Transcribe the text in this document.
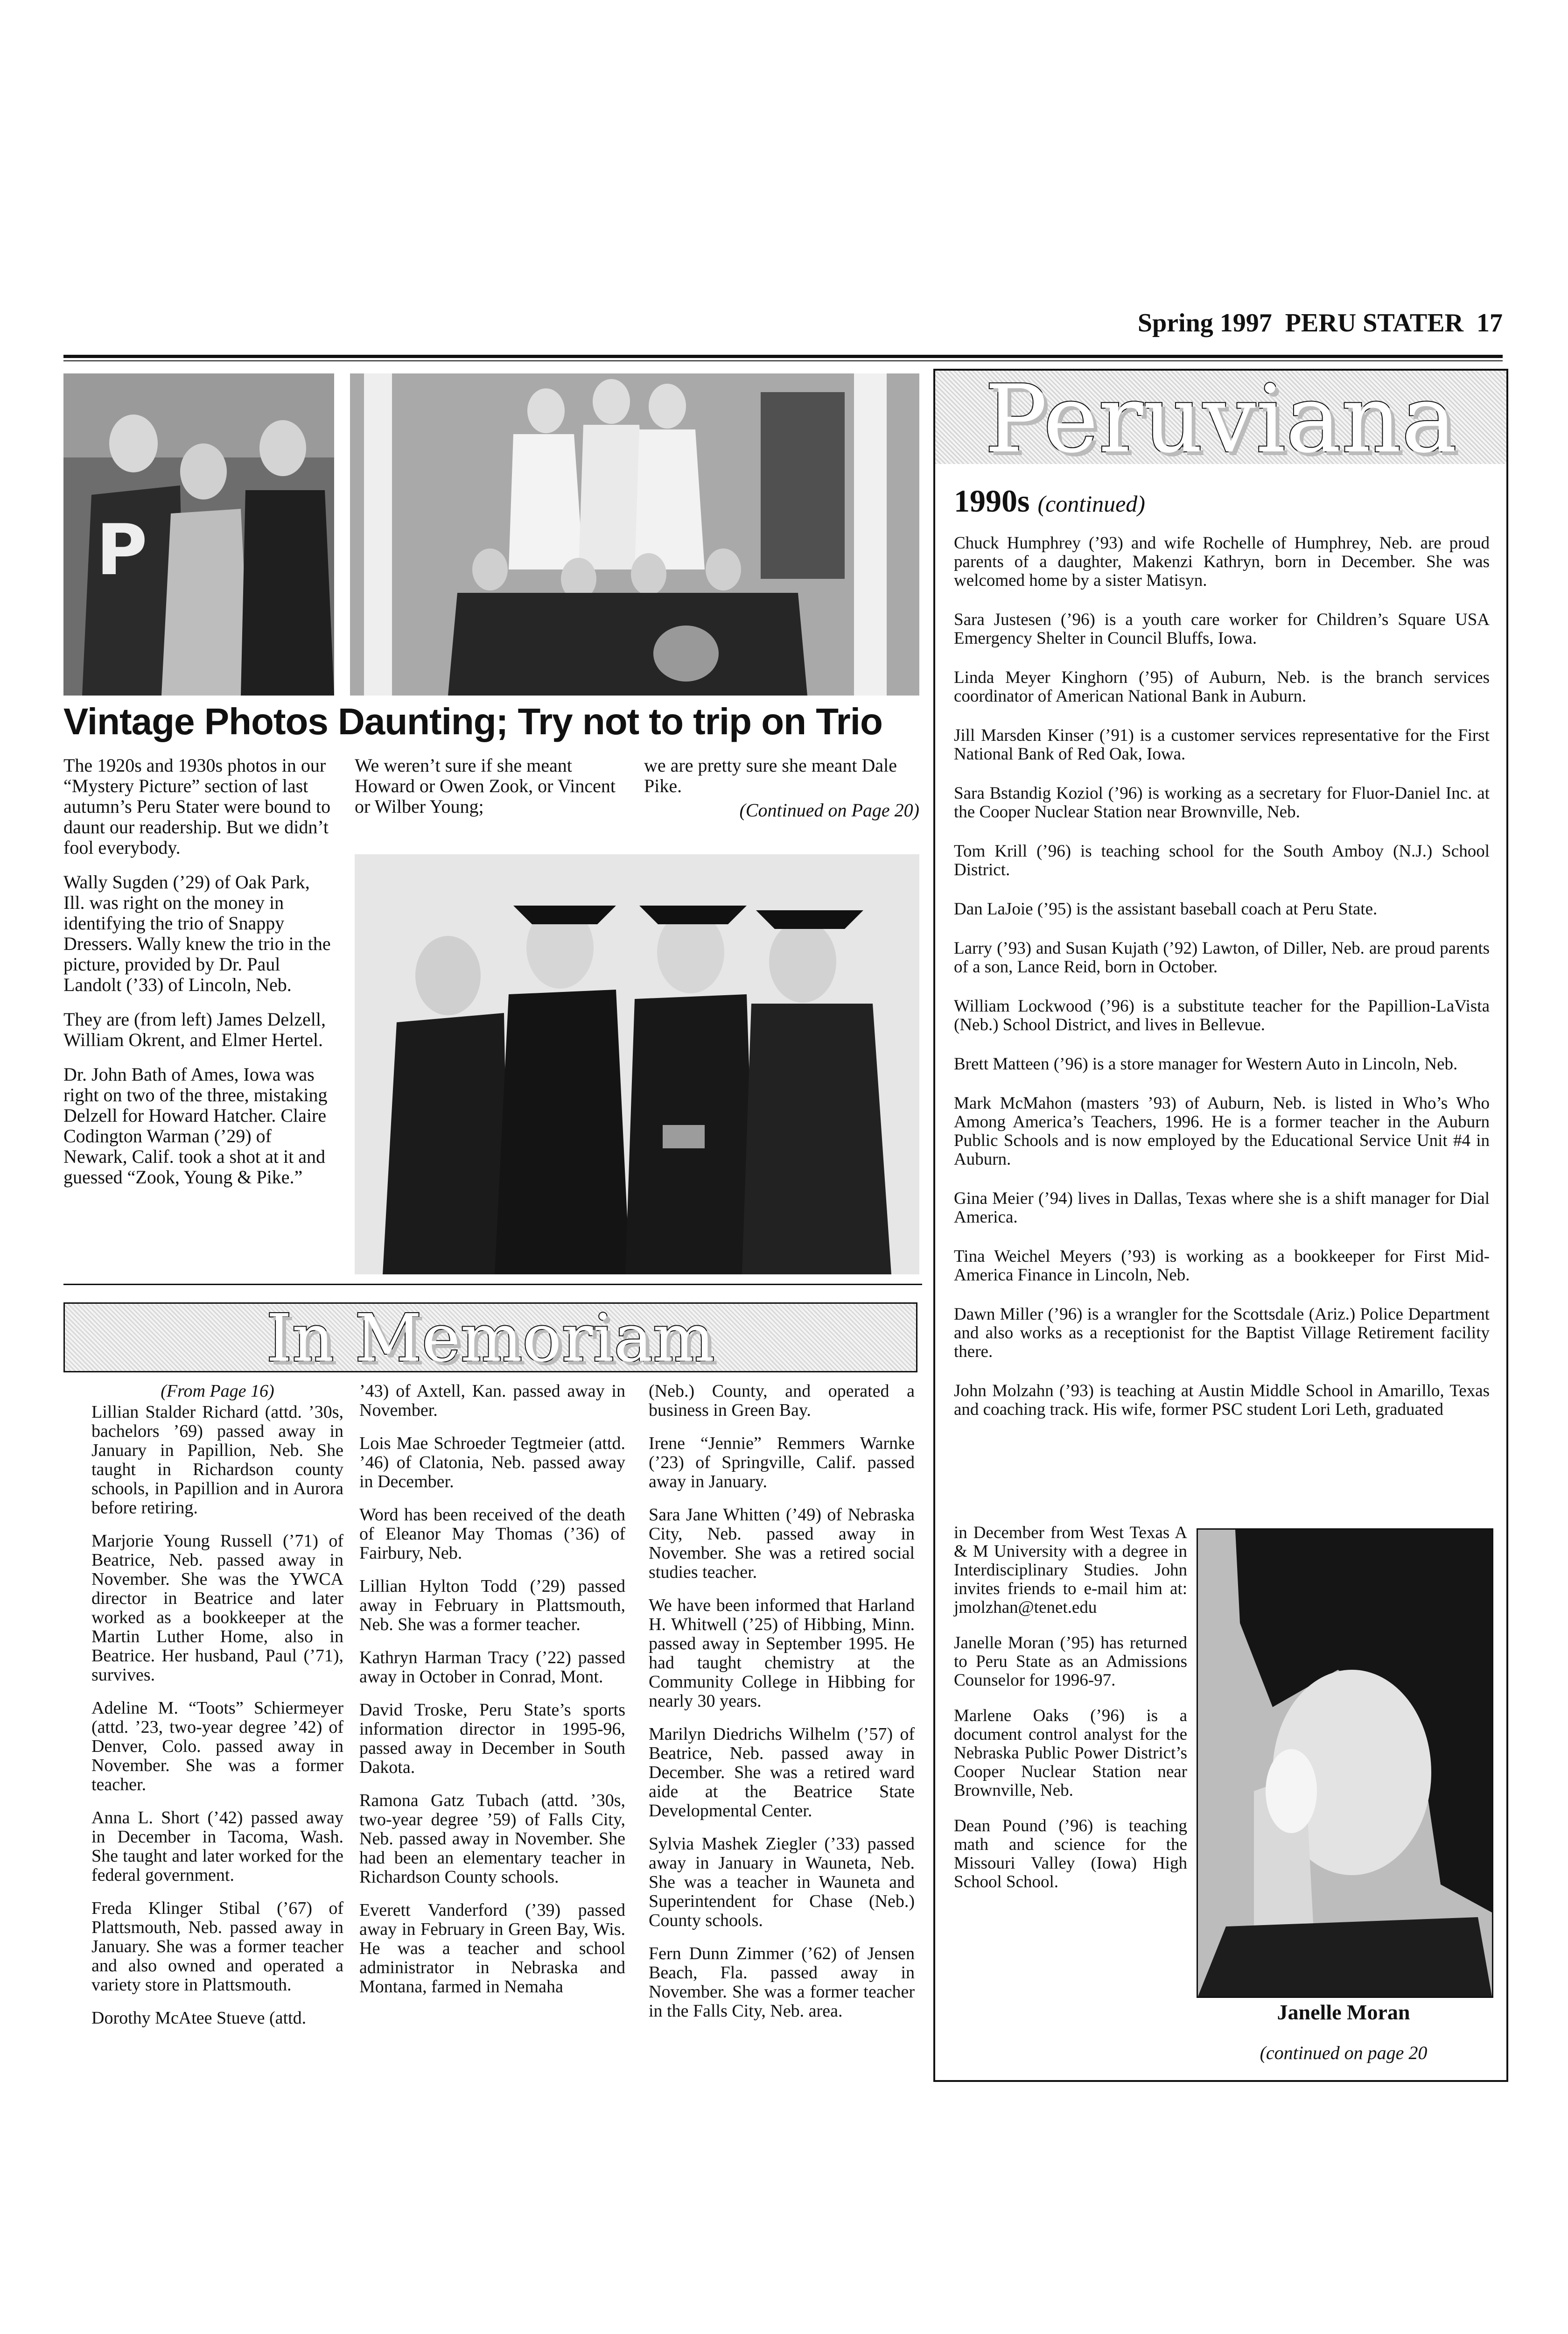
Spring 1997 PERU STATER 17
P
Vintage Photos Daunting; Try not to trip on Trio

The 1920s and 1930s photos in our “Mystery Picture” section of last autumn’s Peru Stater were bound to daunt our readership. But we didn’t fool everybody.

Wally Sugden (’29) of Oak Park, Ill. was right on the money in identifying the trio of Snappy Dressers. Wally knew the trio in the picture, provided by Dr. Paul Landolt (’33) of Lincoln, Neb.

They are (from left) James Delzell, William Okrent, and Elmer Hertel.

Dr. John Bath of Ames, Iowa was right on two of the three, mistaking Delzell for Howard Hatcher. Claire Codington Warman (’29) of Newark, Calif. took a shot at it and guessed “Zook, Young & Pike.”

We weren’t sure if she meant Howard or Owen Zook, or Vincent or Wilber Young;

we are pretty sure she meant Dale Pike.

(Continued on Page 20)
In Memoriam
(From Page 16)

Lillian Stalder Richard (attd. ’30s, bachelors ’69) passed away in January in Papillion, Neb. She taught in Richardson county schools, in Papillion and in Aurora before retiring.

Marjorie Young Russell (’71) of Beatrice, Neb. passed away in November. She was the YWCA director in Beatrice and later worked as a bookkeeper at the Martin Luther Home, also in Beatrice. Her husband, Paul (’71), survives.

Adeline M. “Toots” Schiermeyer (attd. ’23, two-year degree ’42) of Denver, Colo. passed away in November. She was a former teacher.

Anna L. Short (’42) passed away in December in Tacoma, Wash. She taught and later worked for the federal government.

Freda Klinger Stibal (’67) of Plattsmouth, Neb. passed away in January. She was a former teacher and also owned and operated a variety store in Plattsmouth.

Dorothy McAtee Stueve (attd.

’43) of Axtell, Kan. passed away in November.

Lois Mae Schroeder Tegtmeier (attd. ’46) of Clatonia, Neb. passed away in December.

Word has been received of the death of Eleanor May Thomas (’36) of Fairbury, Neb.

Lillian Hylton Todd (’29) passed away in February in Plattsmouth, Neb. She was a former teacher.

Kathryn Harman Tracy (’22) passed away in October in Conrad, Mont.

David Troske, Peru State’s sports information director in 1995-96, passed away in December in South Dakota.

Ramona Gatz Tubach (attd. ’30s, two-year degree ’59) of Falls City, Neb. passed away in November. She had been an elementary teacher in Richardson County schools.

Everett Vanderford (’39) passed away in February in Green Bay, Wis. He was a teacher and school administrator in Nebraska and Montana, farmed in Nemaha

(Neb.) County, and operated a business in Green Bay.

Irene “Jennie” Remmers Warnke (’23) of Springville, Calif. passed away in January.

Sara Jane Whitten (’49) of Nebraska City, Neb. passed away in November. She was a retired social studies teacher.

We have been informed that Harland H. Whitwell (’25) of Hibbing, Minn. passed away in September 1995. He had taught chemistry at the Community College in Hibbing for nearly 30 years.

Marilyn Diedrichs Wilhelm (’57) of Beatrice, Neb. passed away in December. She was a retired ward aide at the Beatrice State Developmental Center.

Sylvia Mashek Ziegler (’33) passed away in January in Wauneta, Neb. She was a teacher in Wauneta and Superintendent for Chase (Neb.) County schools.

Fern Dunn Zimmer (’62) of Jensen Beach, Fla. passed away in November. She was a former teacher in the Falls City, Neb. area.

Peruviana
1990s (continued)
Chuck Humphrey (’93) and wife Rochelle of Humphrey, Neb. are proud parents of a daughter, Makenzi Kathryn, born in December. She was welcomed home by a sister Matisyn.
Sara Justesen (’96) is a youth care worker for Children’s Square USA Emergency Shelter in Council Bluffs, Iowa.
Linda Meyer Kinghorn (’95) of Auburn, Neb. is the branch services coordinator of American National Bank in Auburn.
Jill Marsden Kinser (’91) is a customer services representative for the First National Bank of Red Oak, Iowa.
Sara Bstandig Koziol (’96) is working as a secretary for Fluor-Daniel Inc. at the Cooper Nuclear Station near Brownville, Neb.
Tom Krill (’96) is teaching school for the South Amboy (N.J.) School District.
Dan LaJoie (’95) is the assistant baseball coach at Peru State.
Larry (’93) and Susan Kujath (’92) Lawton, of Diller, Neb. are proud parents of a son, Lance Reid, born in October.
William Lockwood (’96) is a substitute teacher for the Papillion-LaVista (Neb.) School District, and lives in Bellevue.
Brett Matteen (’96) is a store manager for Western Auto in Lincoln, Neb.
Mark McMahon (masters ’93) of Auburn, Neb. is listed in Who’s Who Among America’s Teachers, 1996. He is a former teacher in the Auburn Public Schools and is now employed by the Educational Service Unit #4 in Auburn.
Gina Meier (’94) lives in Dallas, Texas where she is a shift manager for Dial America.
Tina Weichel Meyers (’93) is working as a bookkeeper for First Mid-America Finance in Lincoln, Neb.
Dawn Miller (’96) is a wrangler for the Scottsdale (Ariz.) Police Department and also works as a receptionist for the Baptist Village Retirement facility there.
John Molzahn (’93) is teaching at Austin Middle School in Amarillo, Texas and coaching track. His wife, former PSC student Lori Leth, graduated
in December from West Texas A & M University with a degree in Interdisciplinary Studies. John invites friends to e-mail him at: jmolzhan@tenet.edu
Janelle Moran (’95) has returned to Peru State as an Admissions Counselor for 1996-97.
Marlene Oaks (’96) is a document control analyst for the Nebraska Public Power District’s Cooper Nuclear Station near Brownville, Neb.
Dean Pound (’96) is teaching math and science for the Missouri Valley (Iowa) High School School.
Janelle Moran
(continued on page 20
